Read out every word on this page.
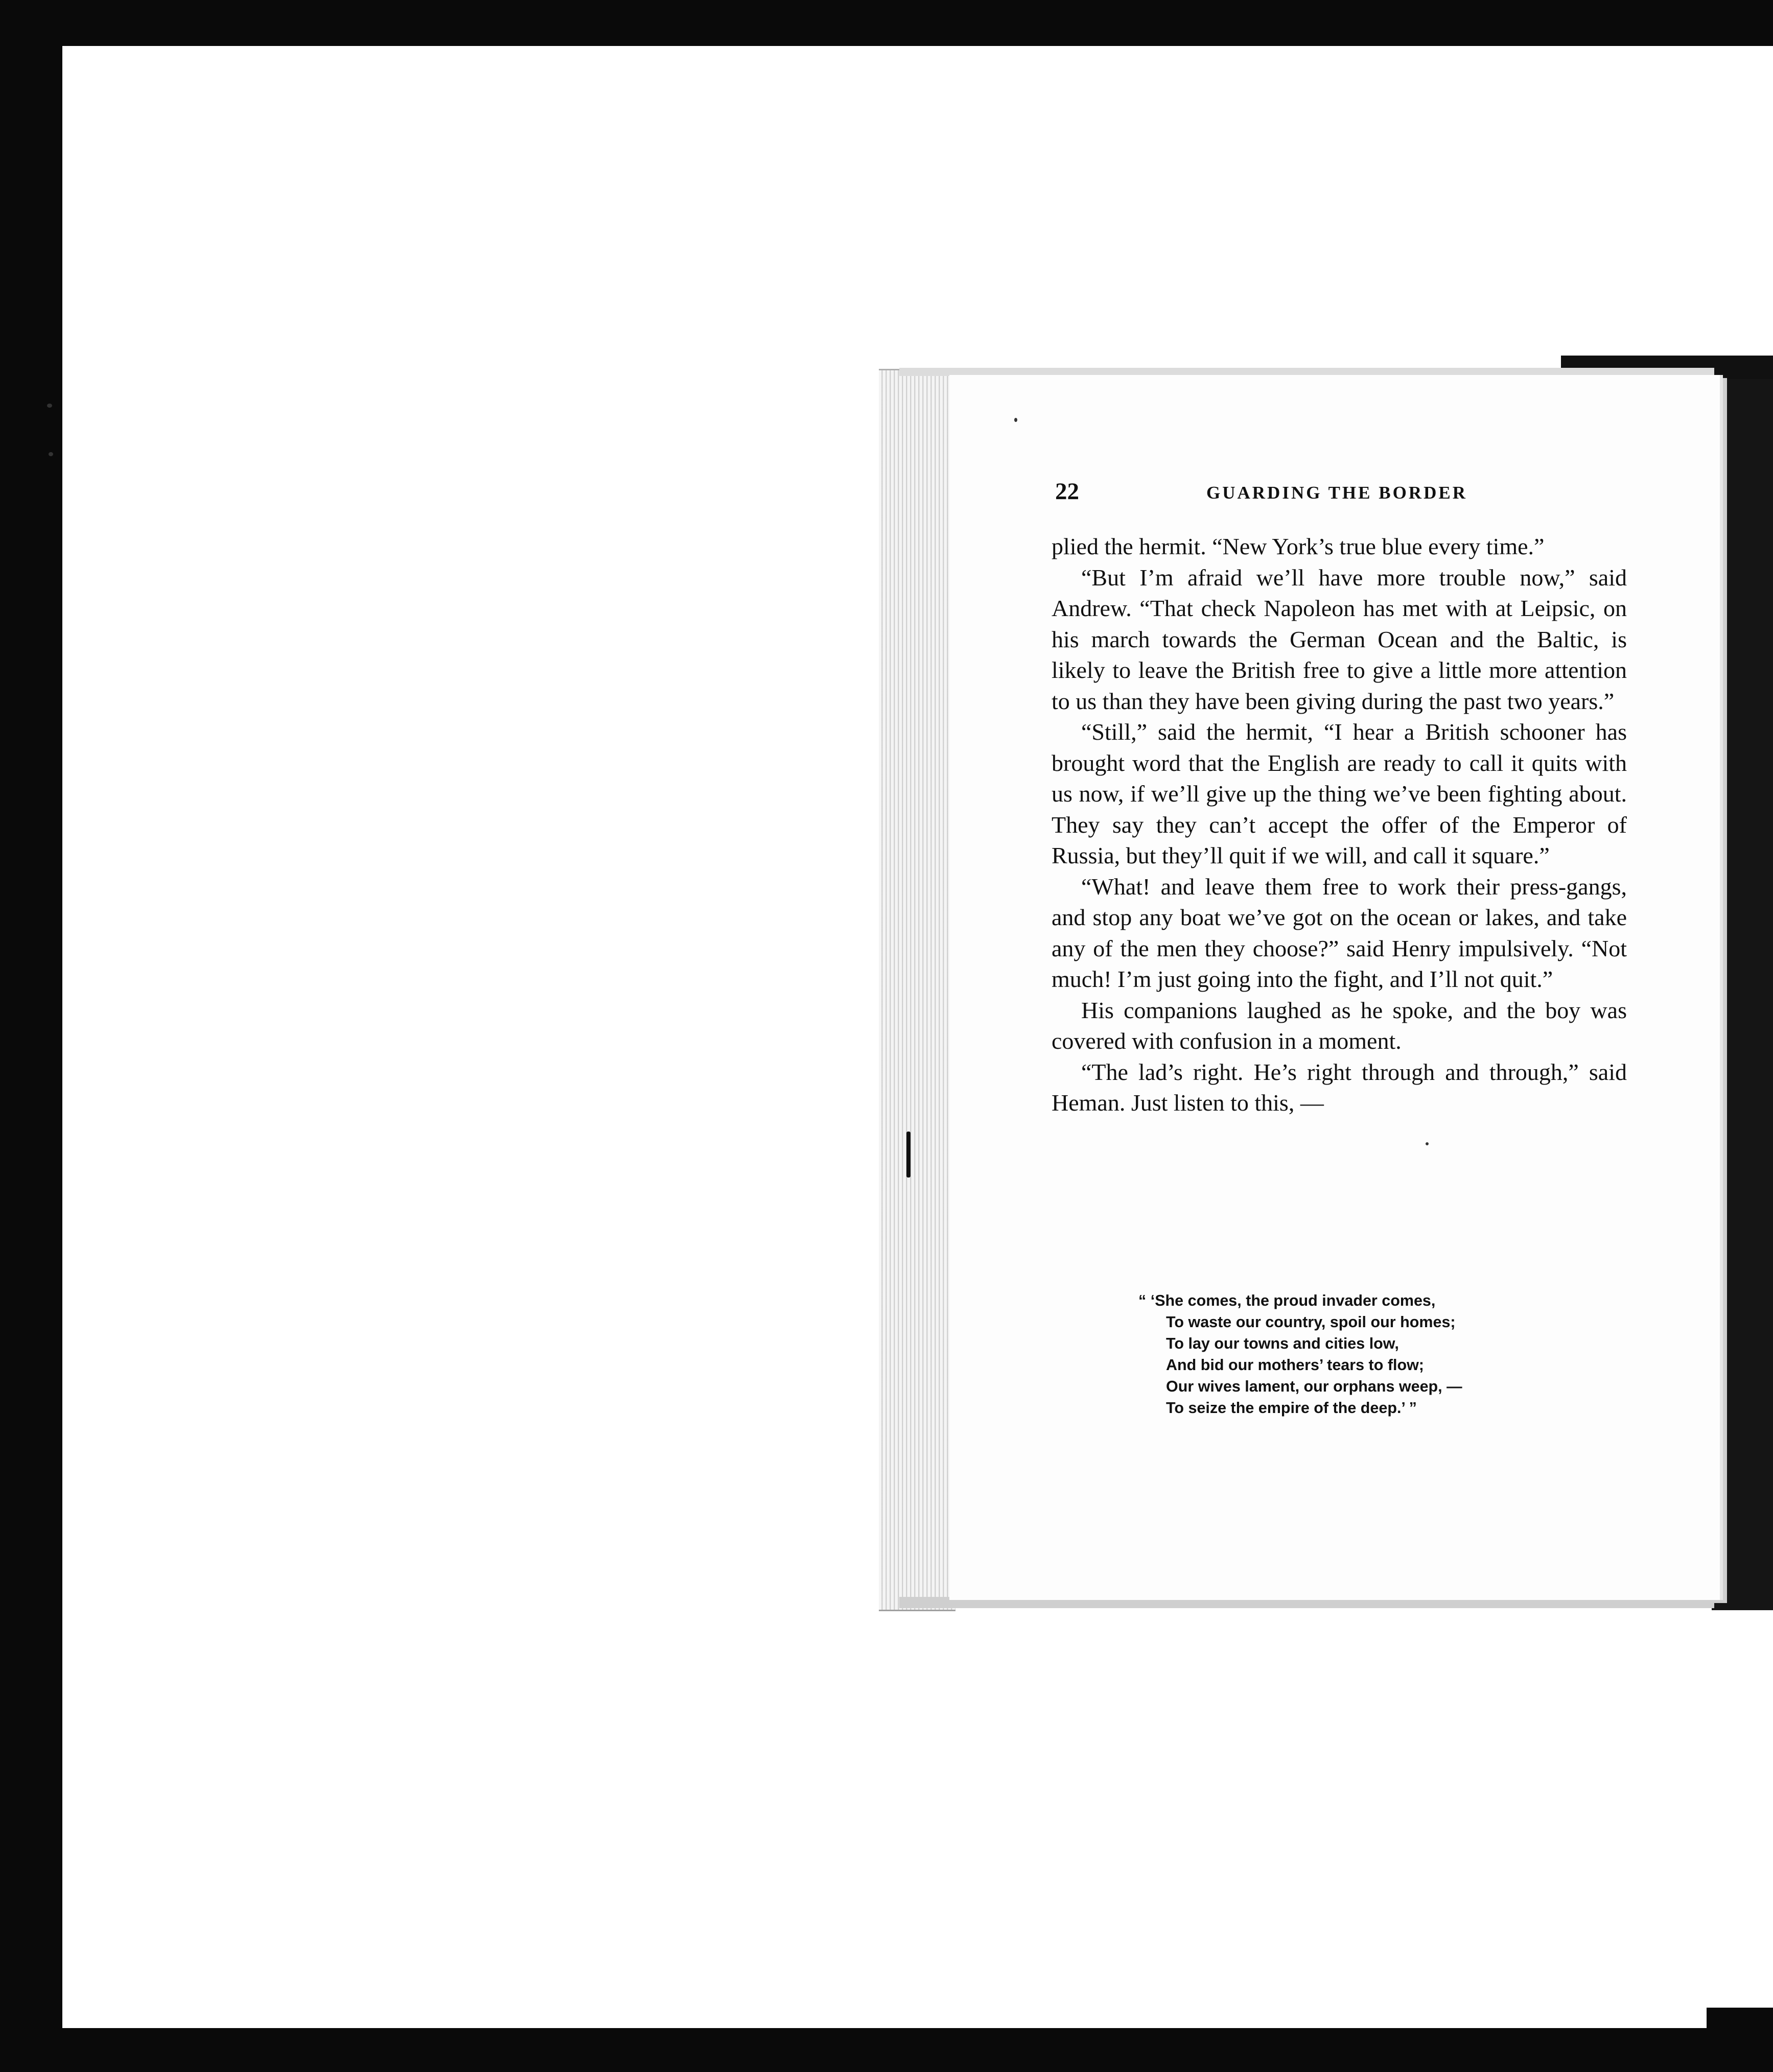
22	GUARDING THE BORDER

plied the hermit. “New York’s true blue every time.”

“But I’m afraid we’ll have more trouble now,” said Andrew. “That check Napoleon has met with at Leipsic, on his march towards the German Ocean and the Baltic, is likely to leave the British free to give a little more attention to us than they have been giving during the past two years.”

“Still,” said the hermit, “I hear a British schooner has brought word that the English are ready to call it quits with us now, if we’ll give up the thing we’ve been fighting about. They say they can’t accept the offer of the Emperor of Russia, but they’ll quit if we will, and call it square.”

“What! and leave them free to work their press-gangs, and stop any boat we’ve got on the ocean or lakes, and take any of the men they choose?” said Henry impulsively. “Not much! I’m just going into the fight, and I’ll not quit.”

His companions laughed as he spoke, and the boy was covered with confusion in a moment.

“The lad’s right. He’s right through and through,” said Heman. Just listen to this, —

“ ‘She comes, the proud invader comes,
To waste our country, spoil our homes;
To lay our towns and cities low,
And bid our mothers’ tears to flow;
Our wives lament, our orphans weep, —
To seize the empire of the deep.’ ”
